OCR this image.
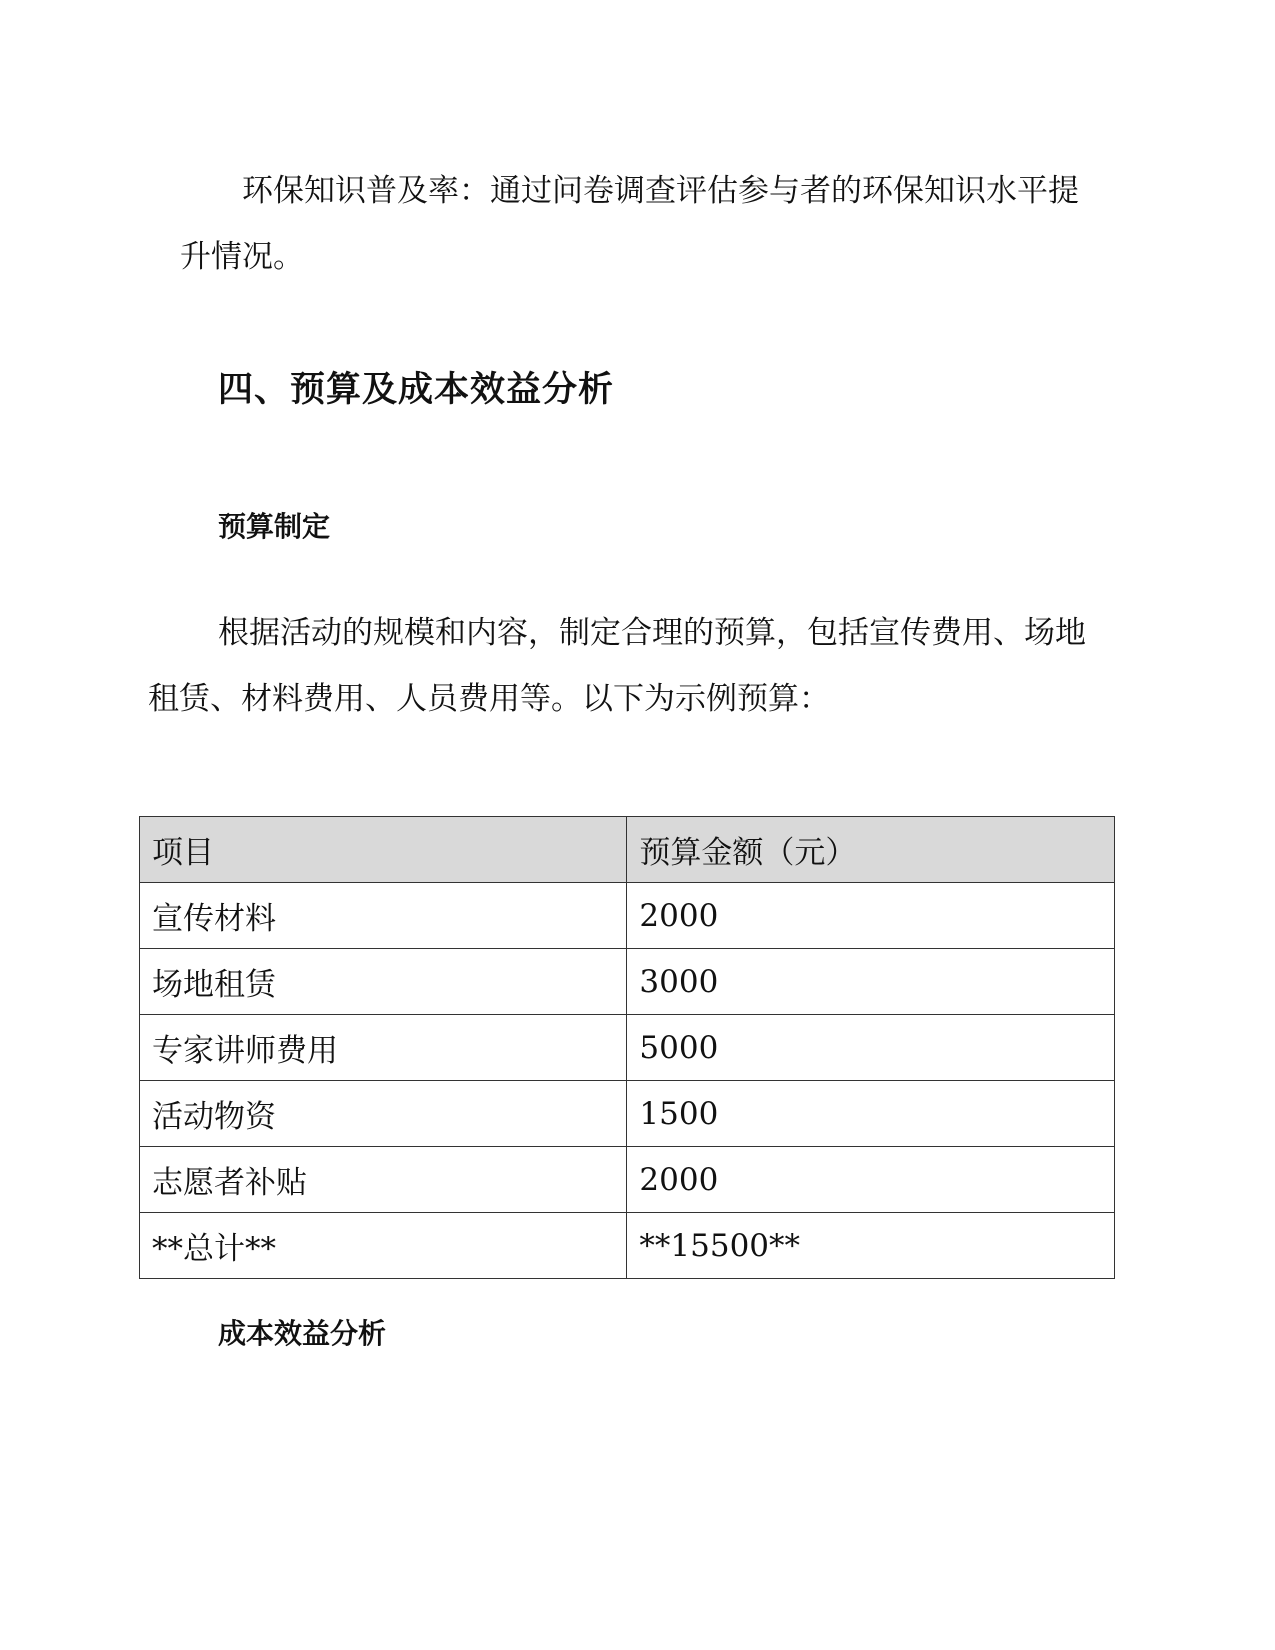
环保知识普及率：通过问卷调查评估参与者的环保知识水平提升情况。

四、预算及成本效益分析
预算制定

根据活动的规模和内容，制定合理的预算，包括宣传费用、场地租赁、材料费用、人员费用等。以下为示例预算：

项目	预算金额（元）
宣传材料	2000
场地租赁	3000
专家讲师费用	5000
活动物资	1500
志愿者补贴	2000
**总计**	**15500**
成本效益分析
